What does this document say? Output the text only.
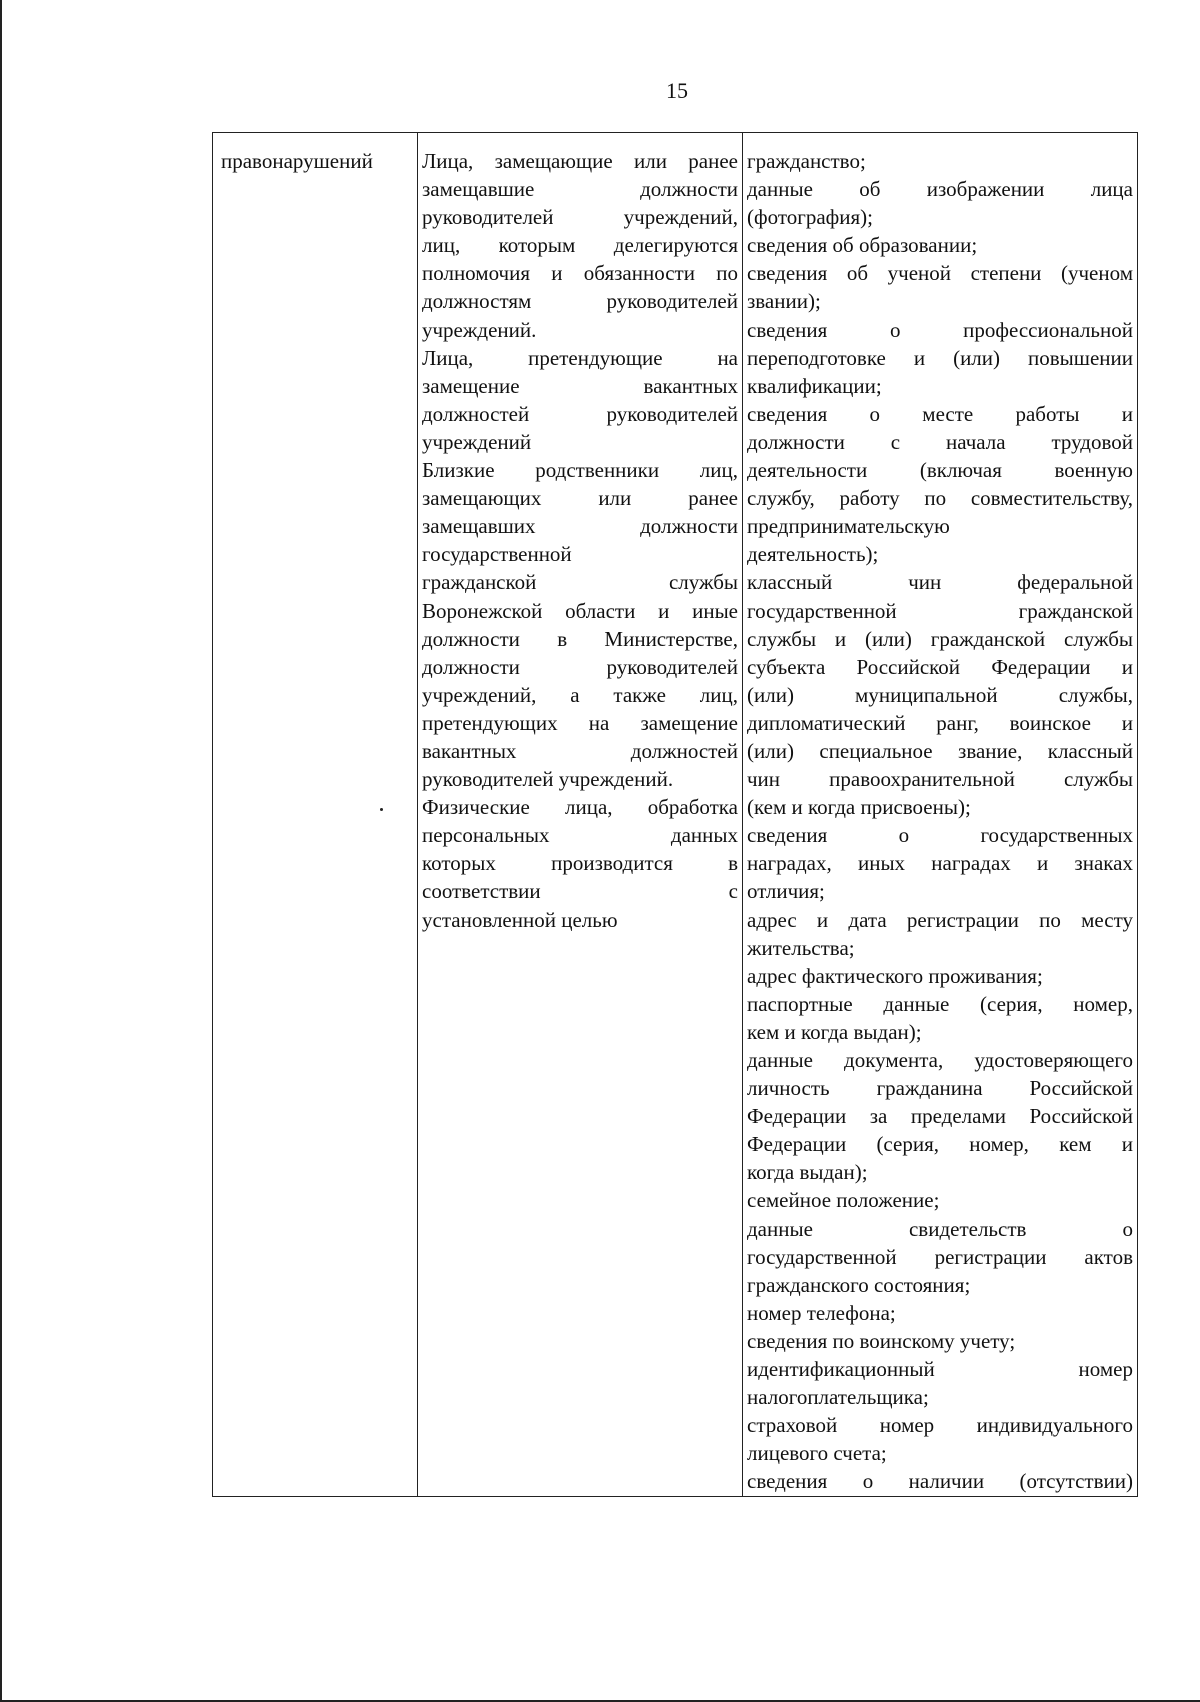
15
правонарушений	Лица, замещающие или ранее
замещавшие должности
руководителей учреждений,
лиц, которым делегируются
полномочия и обязанности по
должностям руководителей
учреждений.
Лица, претендующие на
замещение вакантных
должностей руководителей
учреждений
Близкие родственники лиц,
замещающих или ранее
замещавших должности
государственной
гражданской службы
Воронежской области и иные
должности в Министерстве,
должности руководителей
учреждений, а также лиц,
претендующих на замещение
вакантных должностей
руководителей учреждений.
Физические лица, обработка
персональных данных
которых производится в
соответствии с
установленной целью

гражданство;
данные об изображении лица
(фотография);
сведения об образовании;
сведения об ученой степени (ученом
звании);
сведения о профессиональной
переподготовке и (или) повышении
квалификации;
сведения о месте работы и
должности с начала трудовой
деятельности (включая военную
службу, работу по совместительству,
предпринимательскую
деятельность);
классный чин федеральной
государственной гражданской
службы и (или) гражданской службы
субъекта Российской Федерации и
(или) муниципальной службы,
дипломатический ранг, воинское и
(или) специальное звание, классный
чин правоохранительной службы
(кем и когда присвоены);
сведения о государственных
наградах, иных наградах и знаках
отличия;
адрес и дата регистрации по месту
жительства;
адрес фактического проживания;
паспортные данные (серия, номер,
кем и когда выдан);
данные документа, удостоверяющего
личность гражданина Российской
Федерации за пределами Российской
Федерации (серия, номер, кем и
когда выдан);
семейное положение;
данные свидетельств о
государственной регистрации актов
гражданского состояния;
номер телефона;
сведения по воинскому учету;
идентификационный номер
налогоплательщика;
страховой номер индивидуального
лицевого счета;
сведения о наличии (отсутствии)
